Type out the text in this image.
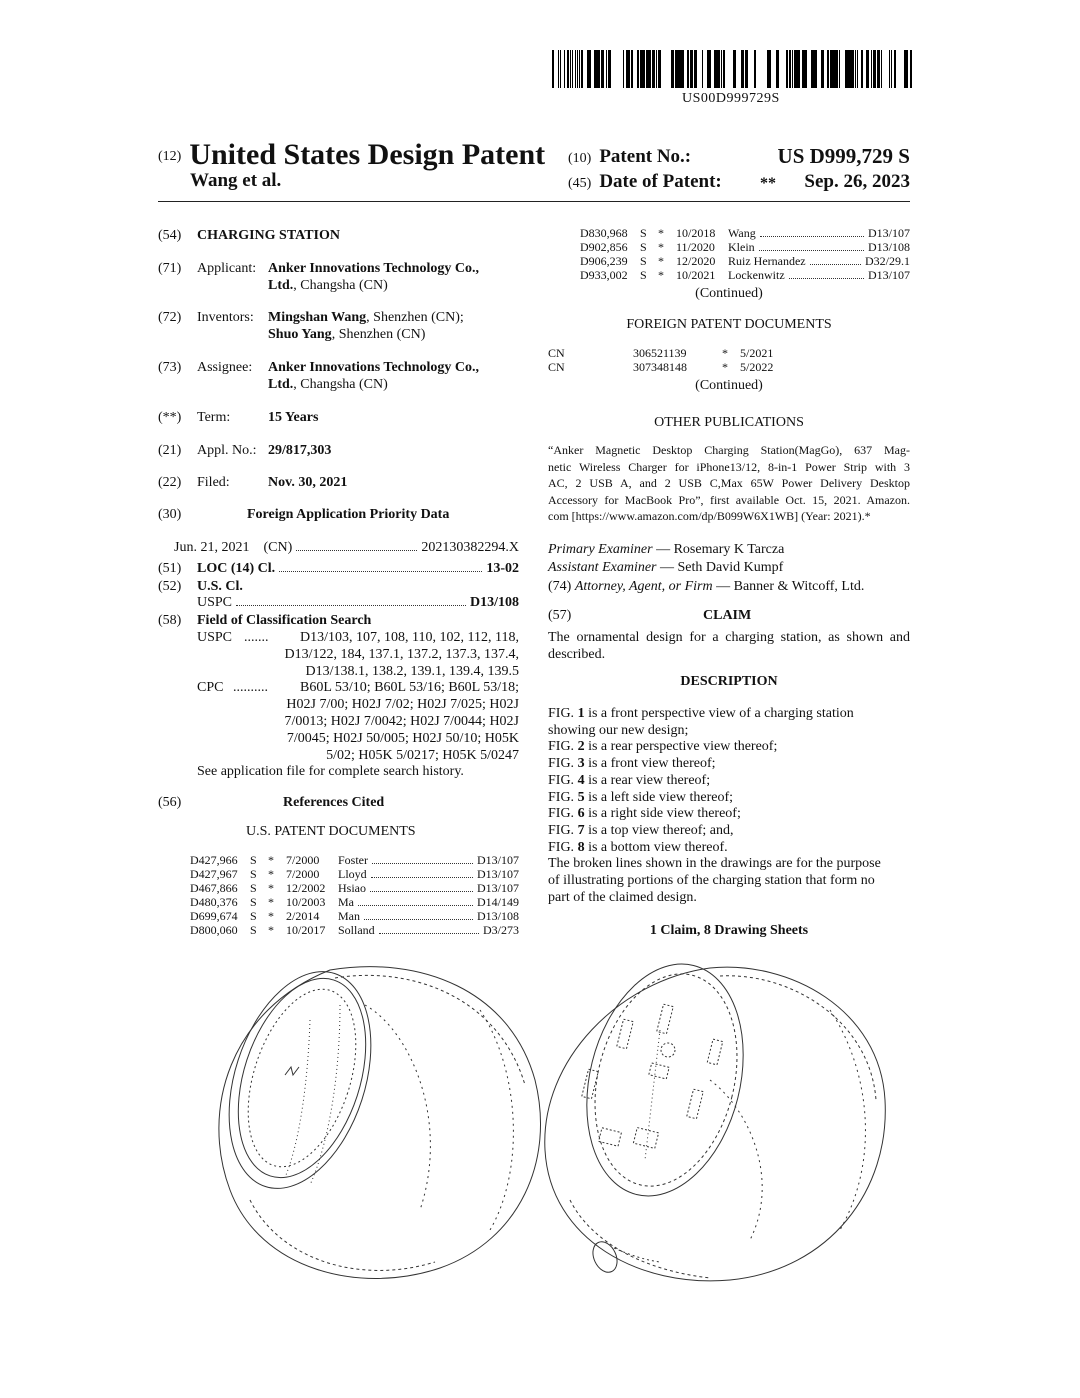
US00D999729S
(12) United States Design Patent
Wang et al.
(10) Patent No.:	US D999,729 S
(45) Date of Patent: ** Sep. 26, 2023
(54) CHARGING STATION
(71) Applicant: Anker Innovations Technology Co.,
Ltd., Changsha (CN)
(72) Inventors: Mingshan Wang, Shenzhen (CN);
Shuo Yang, Shenzhen (CN)
(73) Assignee: Anker Innovations Technology Co.,
Ltd., Changsha (CN)
(**) Term:	15 Years
(21) Appl. No.: 29/817,303
(22) Filed:	Nov. 30, 2021
(30)	Foreign Application Priority Data
Jun. 21, 2021 (CN)	202130382294.X
(51) LOC (14) Cl.	13-02
(52) U.S. Cl.
USPC	D13/108
(58) Field of Classification Search
USPC .......	D13/103, 107, 108, 110, 102, 112, 118,
D13/122, 184, 137.1, 137.2, 137.3, 137.4,
D13/138.1, 138.2, 139.1, 139.4, 139.5
CPC ..........	B60L 53/10; B60L 53/16; B60L 53/18;
H02J 7/00; H02J 7/02; H02J 7/025; H02J
7/0013; H02J 7/0042; H02J 7/0044; H02J
7/0045; H02J 50/005; H02J 50/10; H05K
5/02; H05K 5/0217; H05K 5/0247
See application file for complete search history.
(56)	References Cited
U.S. PATENT DOCUMENTS
D427,966 S * 7/2000 Foster	D13/107
D427,967 S * 7/2000 Lloyd	D13/107
D467,866 S * 12/2002 Hsiao	D13/107
D480,376 S * 10/2003 Ma	D14/149
D699,674 S * 2/2014 Man	D13/108
D800,060 S * 10/2017 Solland	D3/273
D830,968 S * 10/2018 Wang	D13/107
D902,856 S * 11/2020 Klein	D13/108
D906,239 S * 12/2020 Ruiz Hernandez	D32/29.1
D933,002 S * 10/2021 Lockenwitz	D13/107
(Continued)
FOREIGN PATENT DOCUMENTS
CN	306521139	* 5/2021
CN	307348148	* 5/2022
(Continued)
OTHER PUBLICATIONS
“Anker Magnetic Desktop Charging Station(MagGo), 637 Mag-
netic Wireless Charger for iPhone13/12, 8-in-1 Power Strip with 3
AC, 2 USB A, and 2 USB C,Max 65W Power Delivery Desktop
Accessory for MacBook Pro”, first available Oct. 15, 2021. Amazon.
com [https://www.amazon.com/dp/B099W6X1WB] (Year: 2021).*
Primary Examiner — Rosemary K Tarcza
Assistant Examiner — Seth David Kumpf
(74) Attorney, Agent, or Firm — Banner & Witcoff, Ltd.
(57)	CLAIM
The ornamental design for a charging station, as shown and
described.
DESCRIPTION
FIG. 1 is a front perspective view of a charging station
showing our new design;
FIG. 2 is a rear perspective view thereof;
FIG. 3 is a front view thereof;
FIG. 4 is a rear view thereof;
FIG. 5 is a left side view thereof;
FIG. 6 is a right side view thereof;
FIG. 7 is a top view thereof; and,
FIG. 8 is a bottom view thereof.
The broken lines shown in the drawings are for the purpose
of illustrating portions of the charging station that form no
part of the claimed design.
1 Claim, 8 Drawing Sheets
